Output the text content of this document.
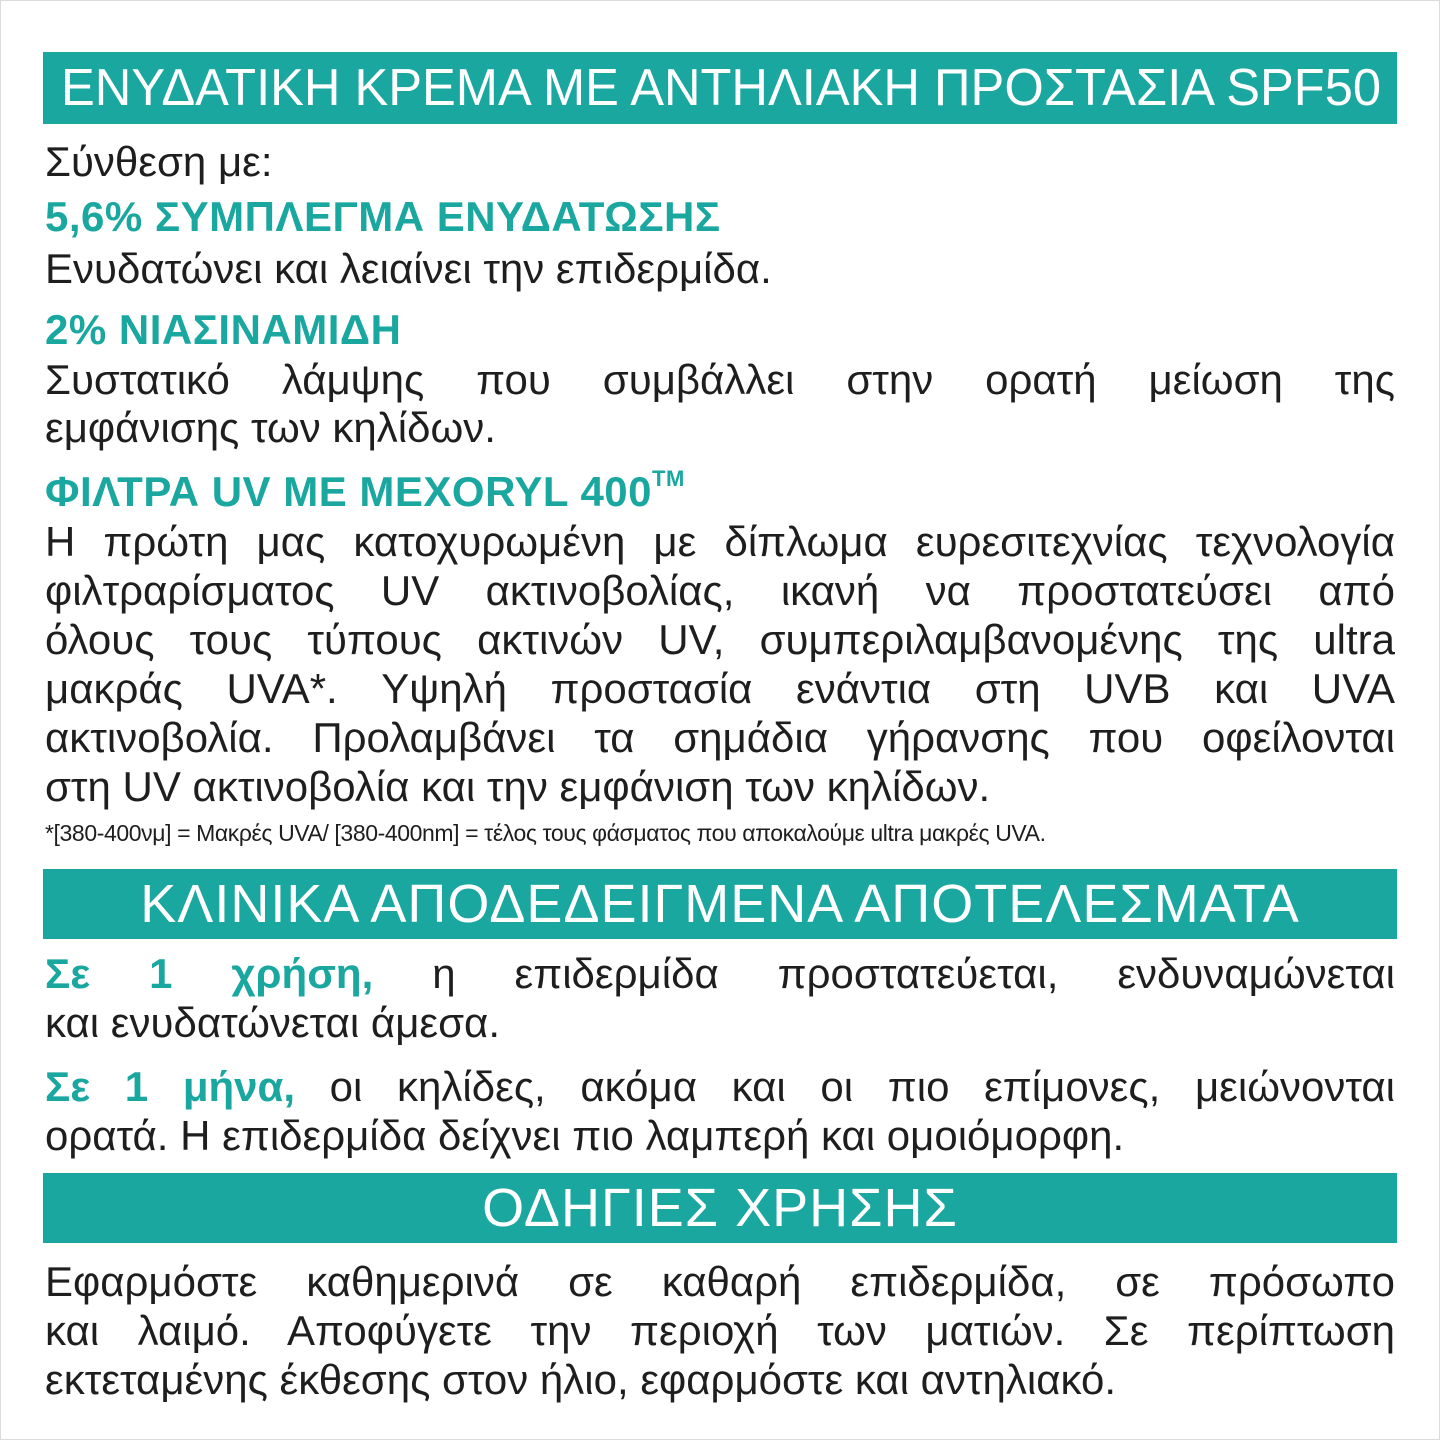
ΕΝΥΔΑΤΙΚΗ ΚΡΕΜΑ ΜΕ ΑΝΤΗΛΙΑΚΗ ΠΡΟΣΤΑΣΙΑ SPF50
Σύνθεση με:
5,6% ΣΥΜΠΛΕΓΜΑ ΕΝΥΔΑΤΩΣΗΣ
Ενυδατώνει και λειαίνει την επιδερμίδα.
2% ΝΙΑΣΙΝΑΜΙΔΗ
Συστατικό λάμψης που συμβάλλει στην ορατή μείωση της
εμφάνισης των κηλίδων.
ΦΙΛΤΡΑ UV ΜΕ MEXORYL 400™
Η πρώτη μας κατοχυρωμένη με δίπλωμα ευρεσιτεχνίας τεχνολογία
φιλτραρίσματος UV ακτινοβολίας, ικανή να προστατεύσει από
όλους τους τύπους ακτινών UV, συμπεριλαμβανομένης της ultra
μακράς UVA*. Υψηλή προστασία ενάντια στη UVB και UVA
ακτινοβολία. Προλαμβάνει τα σημάδια γήρανσης που οφείλονται
στη UV ακτινοβολία και την εμφάνιση των κηλίδων.
*[380-400νμ] = Μακρές UVA/ [380-400nm] = τέλος τους φάσματος που αποκαλούμε ultra μακρές UVA.
ΚΛΙΝΙΚΑ ΑΠΟΔΕΔΕΙΓΜΕΝΑ ΑΠΟΤΕΛΕΣΜΑΤΑ
Σε 1 χρήση, η επιδερμίδα προστατεύεται, ενδυναμώνεται
και ενυδατώνεται άμεσα.
Σε 1 μήνα, οι κηλίδες, ακόμα και οι πιο επίμονες, μειώνονται
ορατά. Η επιδερμίδα δείχνει πιο λαμπερή και ομοιόμορφη.
ΟΔΗΓΙΕΣ ΧΡΗΣΗΣ
Εφαρμόστε καθημερινά σε καθαρή επιδερμίδα, σε πρόσωπο
και λαιμό. Αποφύγετε την περιοχή των ματιών. Σε περίπτωση
εκτεταμένης έκθεσης στον ήλιο, εφαρμόστε και αντηλιακό.
